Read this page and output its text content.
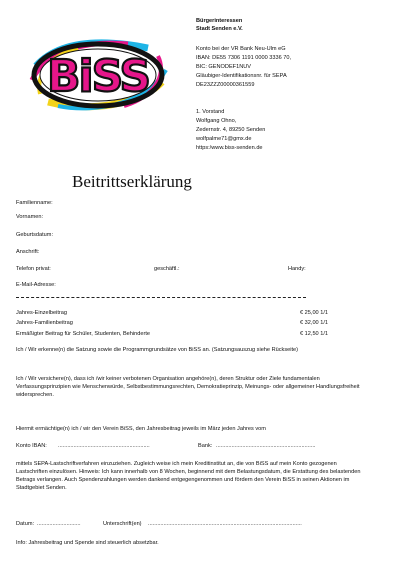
BiSS
Bürgerinteressen
Stadt Senden e.V.
Konto bei der VR Bank Neu-Ulm eG
IBAN: DE55 7306 1191 0000 3336 70,
BIC: GENODEF1NUV
Gläubiger-Identifikationsnr. für SEPA
DE23ZZZ00000361559
1. Vorstand
Wolfgang Ohno,
Zedernstr. 4, 89250 Senden
wolfpalme71@gmx.de
https:/www.biss-senden.de
Beitrittserklärung
Familienname:
Vornamen:
Geburtsdatum:
Anschrift:
Telefon privat:	geschäftl.:	Handy:
E-Mail-Adresse:
Jahres-Einzelbeitrag	€ 25,00 1/1
Jahres-Familienbeitrag	€ 32,00 1/1
Ermäßigter Beitrag für Schüler, Studenten, Behinderte	€ 12,50 1/1
Ich / Wir erkenne(n) die Satzung sowie die Programmgrundsätze von BiSS an. (Satzungsauszug siehe Rückseite)
Ich / Wir versichere(n), dass ich /wir keiner verbotenen Organisation angehöre(n), deren Struktur oder Ziele fundamentalen Verfassungsprinzipien wie Menschenwürde, Selbstbestimmungsrechten, Demokratieprinzip, Meinungs- oder allgemeiner Handlungsfreiheit widersprechen.
Hiermit ermächtige(n) ich / wir den Verein BiSS, den Jahresbeitrag jeweils im März jeden Jahres vom
Konto IBAN: ...........................................................	Bank: ................................................................
mittels SEPA-Lastschriftverfahren einzuziehen. Zugleich weise ich mein Kreditinstitut an, die von BiSS auf mein Konto gezogenen Lastschriften einzulösen. Hinweis: Ich kann innerhalb von 8 Wochen, beginnend mit dem Belastungsdatum, die Erstattung des belastenden Betrags verlangen. Auch Spendenzahlungen werden dankend entgegengenommen und fördern den Verein BiSS in seinen Aktionen im Stadtgebiet Senden.
Datum: ............................	Unterschrift(en) ...................................................................................................
Info: Jahresbeitrag und Spende sind steuerlich absetzbar.
